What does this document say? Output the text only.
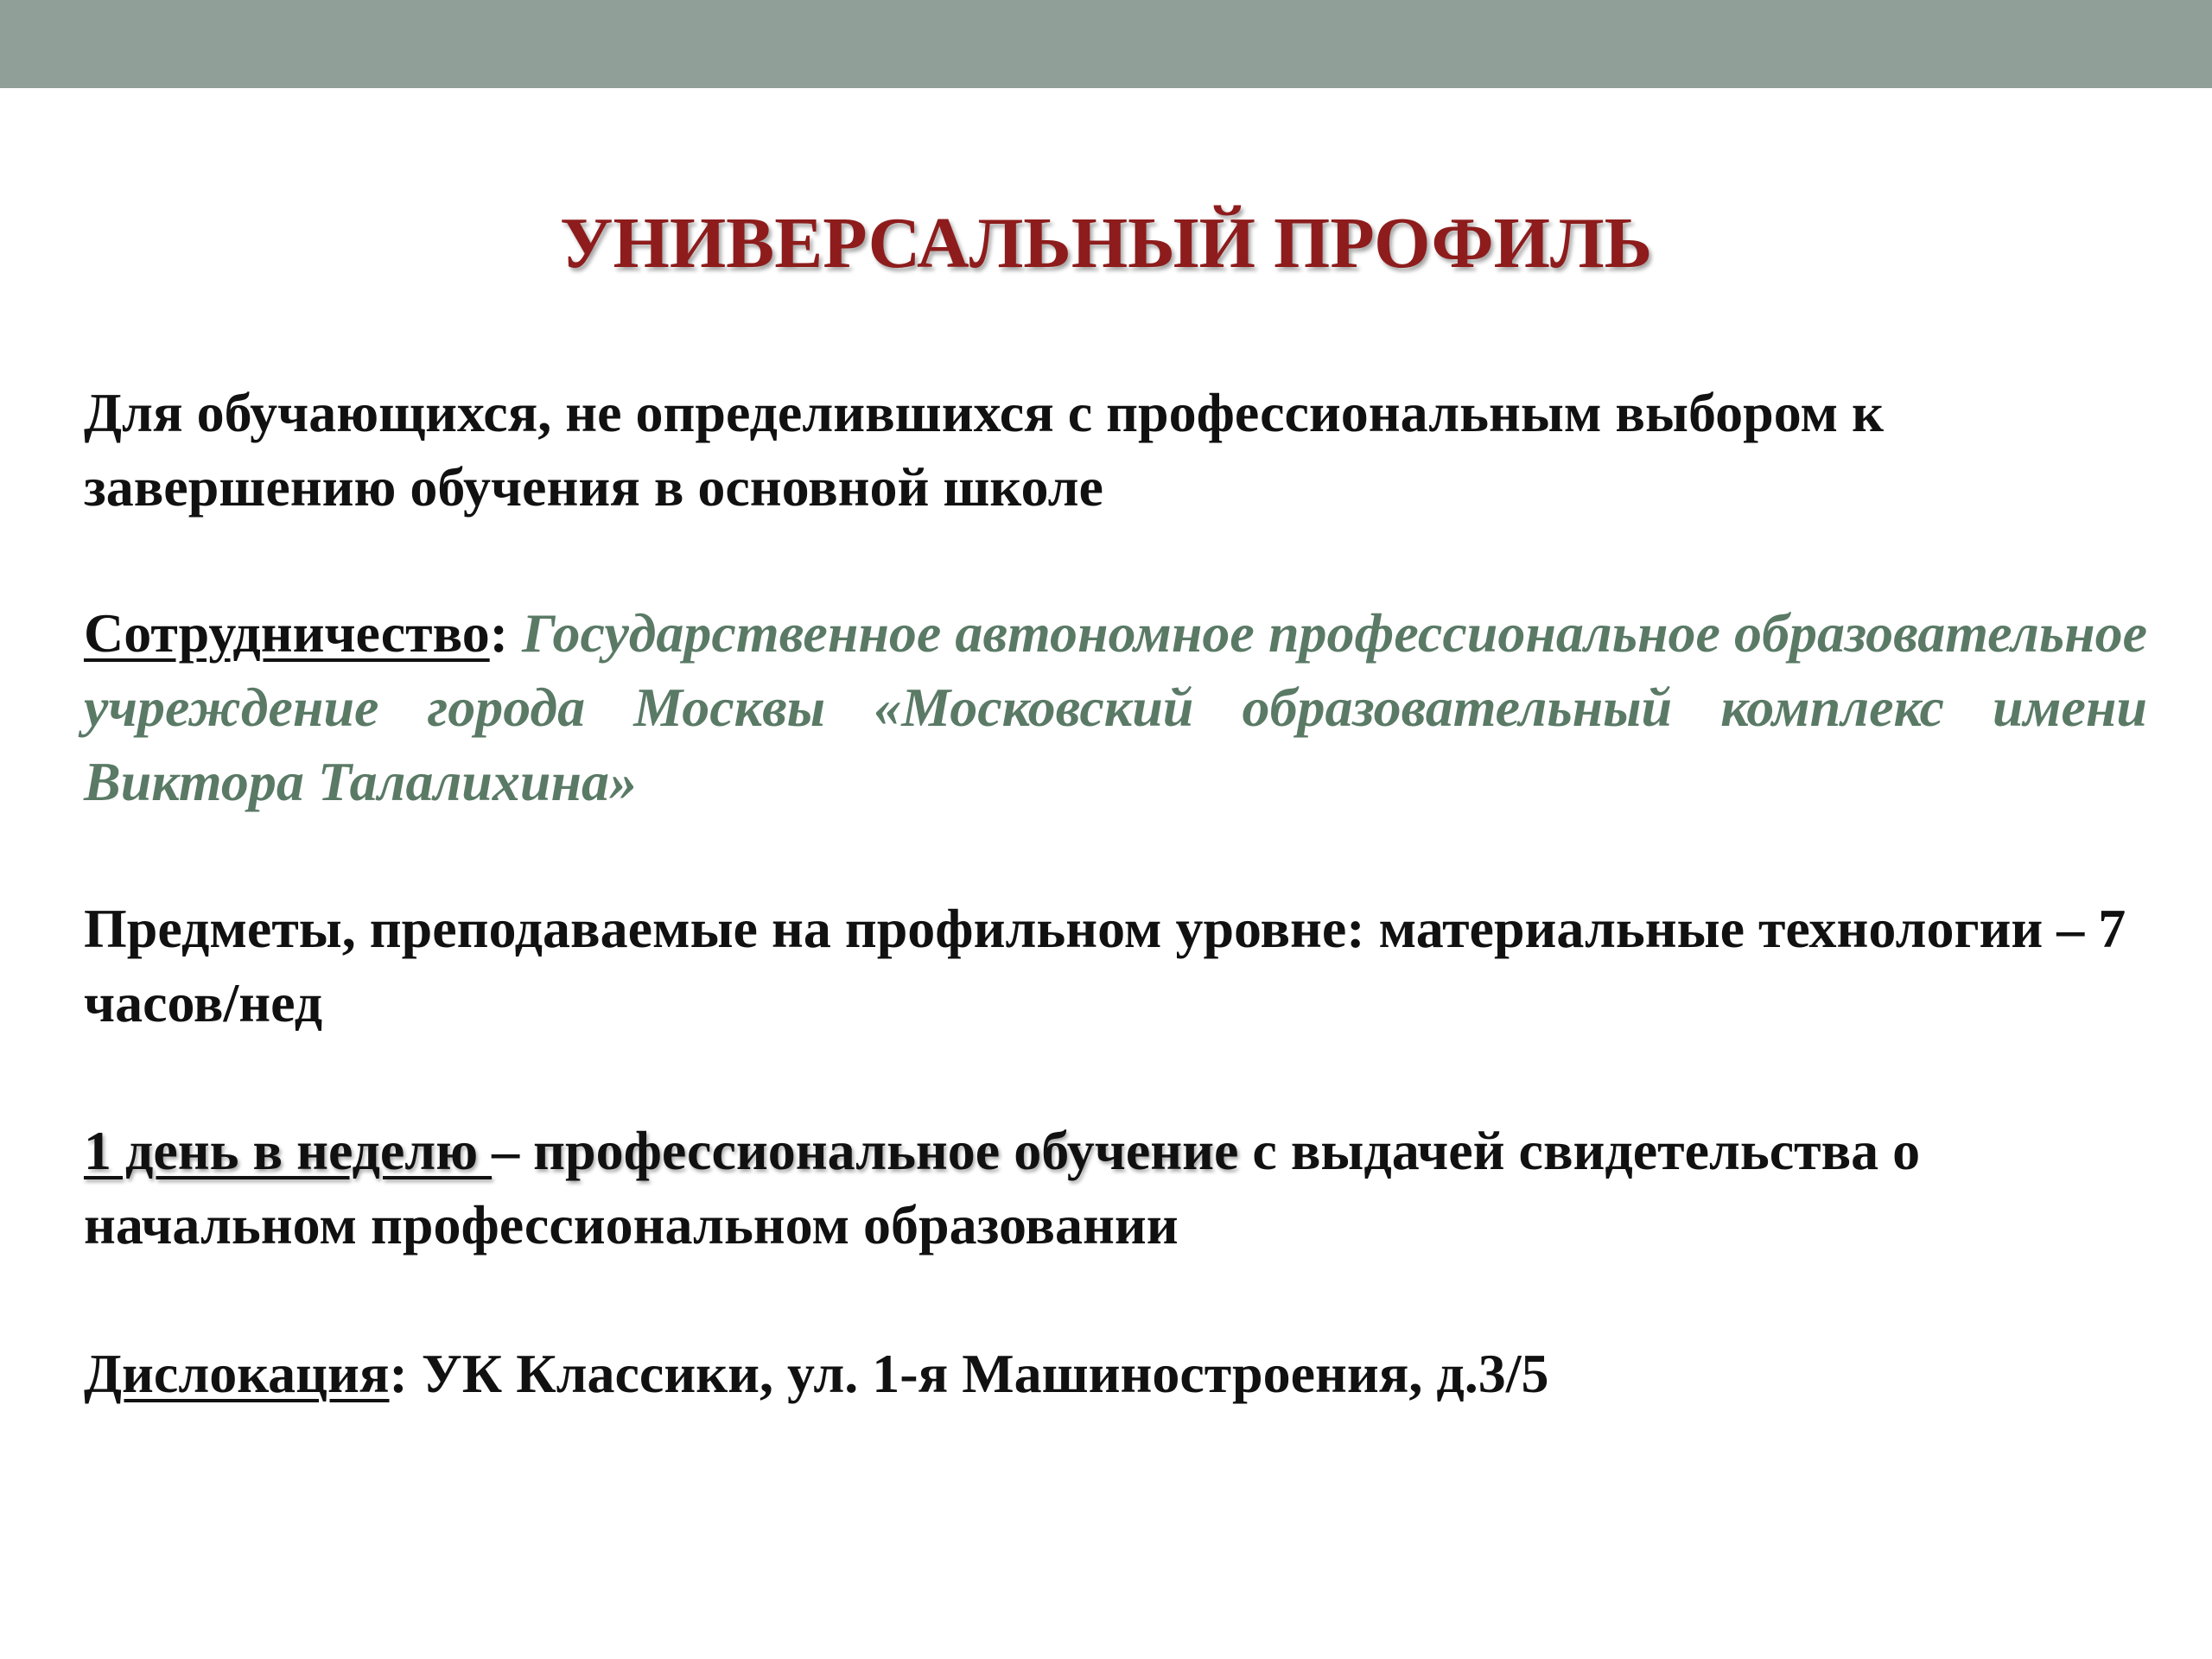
УНИВЕРСАЛЬНЫЙ ПРОФИЛЬ

Для обучающихся, не определившихся с профессиональным выбором к завершению обучения в основной школе

Сотрудничество: Государственное автономное профессиональное образовательное учреждение города Москвы «Московский образовательный комплекс имени Виктора Талалихина»

Предметы, преподаваемые на профильном уровне: материальные технологии – 7 часов/нед

1 день в неделю – профессиональное обучение с выдачей свидетельства о начальном профессиональном образовании

Дислокация: УК Классики, ул. 1-я Машиностроения, д.3/5
